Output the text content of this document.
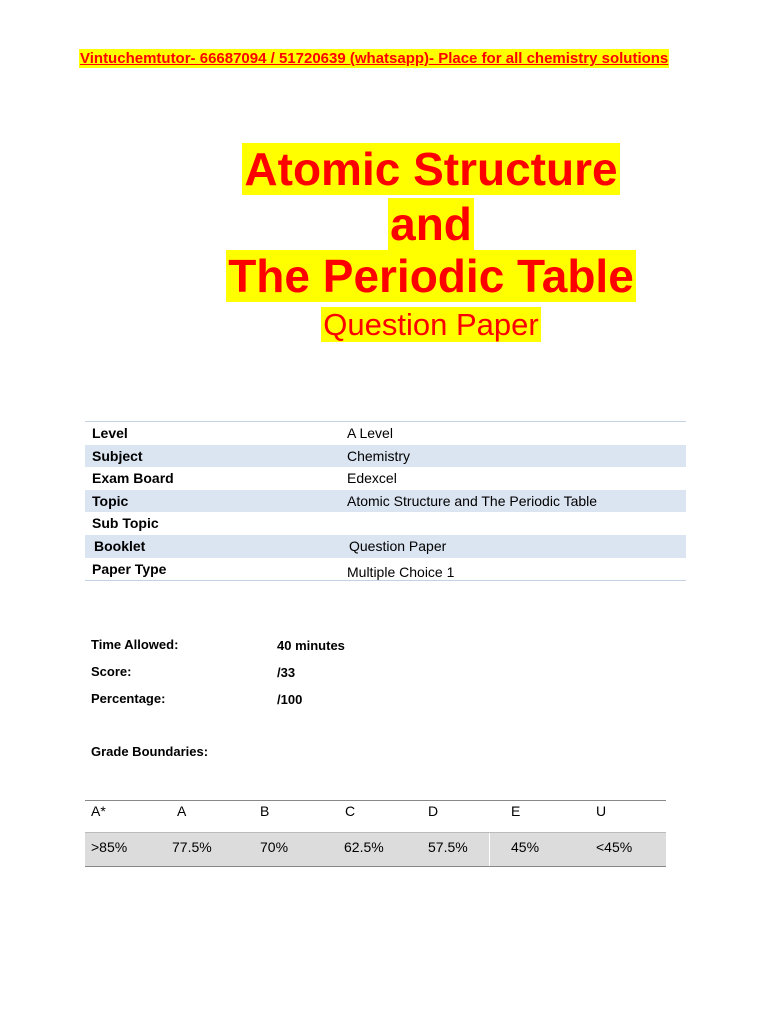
Vintuchemtutor- 66687094 / 51720639 (whatsapp)- Place for all chemistry solutions
Atomic Structure
and
The Periodic Table
Question Paper
Level	A Level
Subject	Chemistry
Exam Board	Edexcel
Topic	Atomic Structure and The Periodic Table
Sub Topic
Booklet	Question Paper
Paper Type	Multiple Choice 1
Time Allowed:	40 minutes
Score:	/33
Percentage:	/100
Grade Boundaries:
A*	A	B	C	D	E	U
>85%	77.5%	70%	62.5%	57.5%	45%	<45%
